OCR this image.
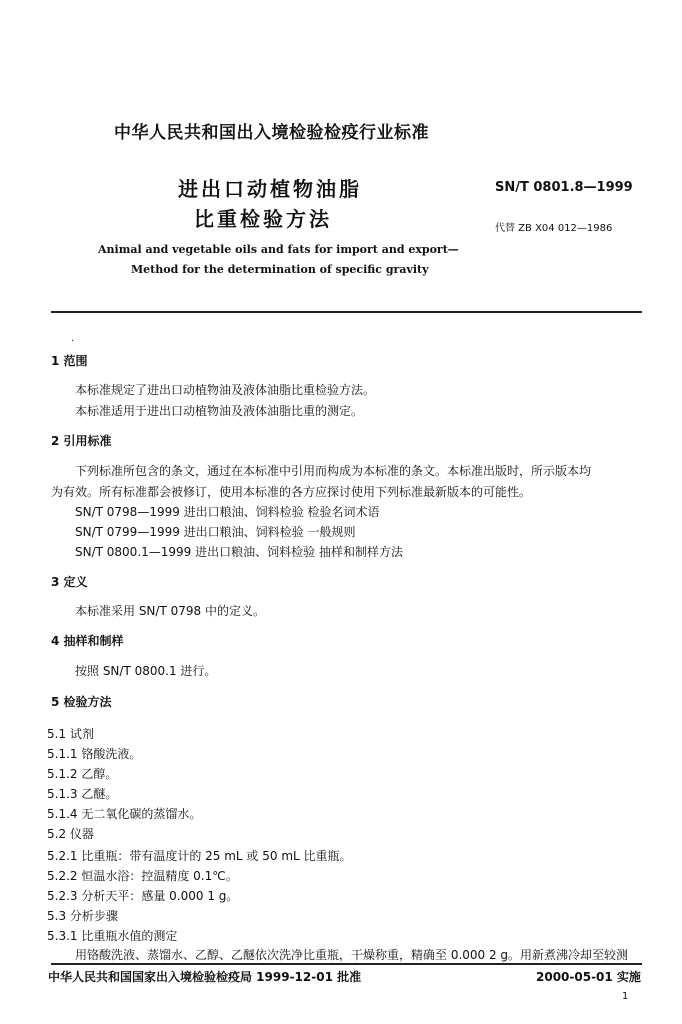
中华人民共和国出入境检验检疫行业标准
进出口动植物油脂
比重检验方法
SN/T 0801.8—1999
代替 ZB X04 012—1986
Animal and vegetable oils and fats for import and export—
Method for the determination of specific gravity
·
1 范围
本标准规定了进出口动植物油及液体油脂比重检验方法。
本标准适用于进出口动植物油及液体油脂比重的测定。
2 引用标准
下列标准所包含的条文，通过在本标准中引用而构成为本标准的条文。本标准出版时，所示版本均
为有效。所有标准都会被修订，使用本标准的各方应探讨使用下列标准最新版本的可能性。
SN/T 0798—1999 进出口粮油、饲料检验 检验名词术语
SN/T 0799—1999 进出口粮油、饲料检验 一般规则
SN/T 0800.1—1999 进出口粮油、饲料检验 抽样和制样方法
3 定义
本标准采用 SN/T 0798 中的定义。
4 抽样和制样
按照 SN/T 0800.1 进行。
5 检验方法
5.1 试剂
5.1.1 铬酸洗液。
5.1.2 乙醇。
5.1.3 乙醚。
5.1.4 无二氧化碳的蒸馏水。
5.2 仪器
5.2.1 比重瓶：带有温度计的 25 mL 或 50 mL 比重瓶。
5.2.2 恒温水浴：控温精度 0.1℃。
5.2.3 分析天平：感量 0.000 1 g。
5.3 分析步骤
5.3.1 比重瓶水值的测定
用铬酸洗液、蒸馏水、乙醇、乙醚依次洗净比重瓶，干燥称重，精确至 0.000 2 g。用新煮沸冷却至较测
中华人民共和国国家出入境检验检疫局 1999-12-01 批准	2000-05-01 实施
1
